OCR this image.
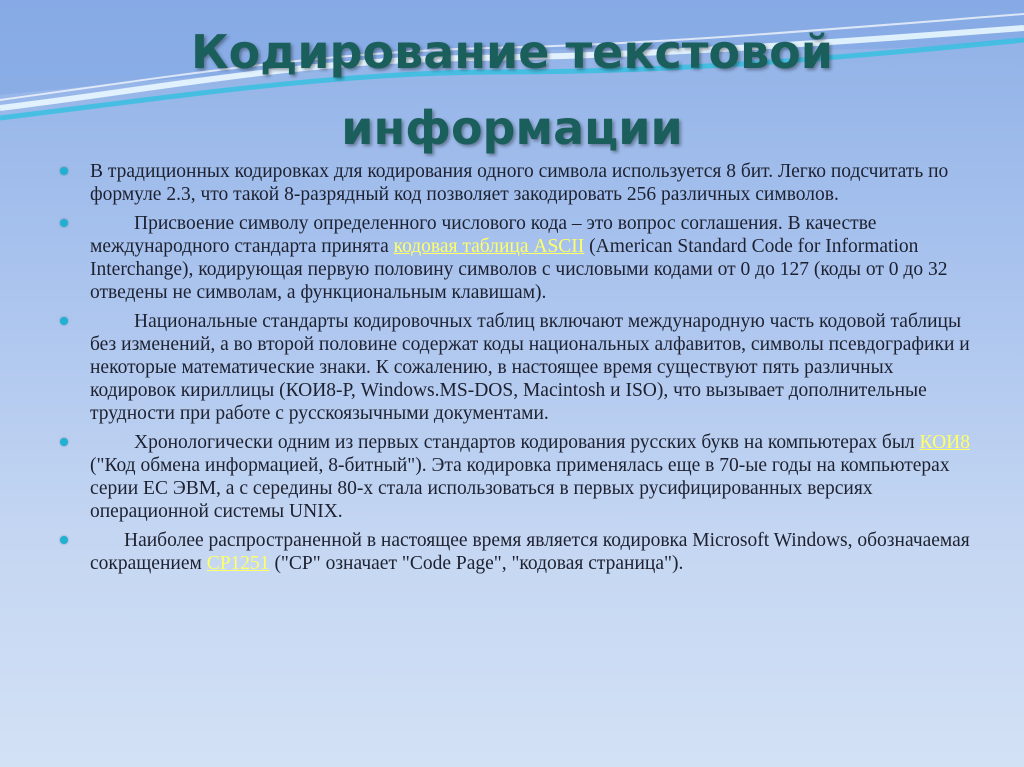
Кодирование текстовой
информации
В традиционных кодировках для кодирования одного символа используется 8 бит. Легко подсчитать по формуле 2.3, что такой 8-разрядный код позволяет закодировать 256 различных символов.
Присвоение символу определенного числового кода – это вопрос соглашения. В качестве международного стандарта принята кодовая таблица ASCII (American Standard Code for Information Interchange), кодирующая первую половину символов с числовыми кодами от 0 до 127 (коды от 0 до 32 отведены не символам, а функциональным клавишам).
Национальные стандарты кодировочных таблиц включают международную часть кодовой таблицы без изменений, а во второй половине содержат коды национальных алфавитов, символы псевдографики и некоторые математические знаки. К сожалению, в настоящее время существуют пять различных кодировок кириллицы (КОИ8-Р, Windows.MS-DOS, Macintosh и ISO), что вызывает дополнительные трудности при работе с русскоязычными документами.
Хронологически одним из первых стандартов кодирования русских букв на компьютерах был КОИ8 ("Код обмена информацией, 8-битный"). Эта кодировка применялась еще в 70-ые годы на компьютерах серии ЕС ЭВМ, а с середины 80-х стала использоваться в первых русифицированных версиях операционной системы UNIX.
Наиболее распространенной в настоящее время является кодировка Microsoft Windows, обозначаемая сокращением CP1251 ("CP" означает "Code Page", "кодовая страница").
